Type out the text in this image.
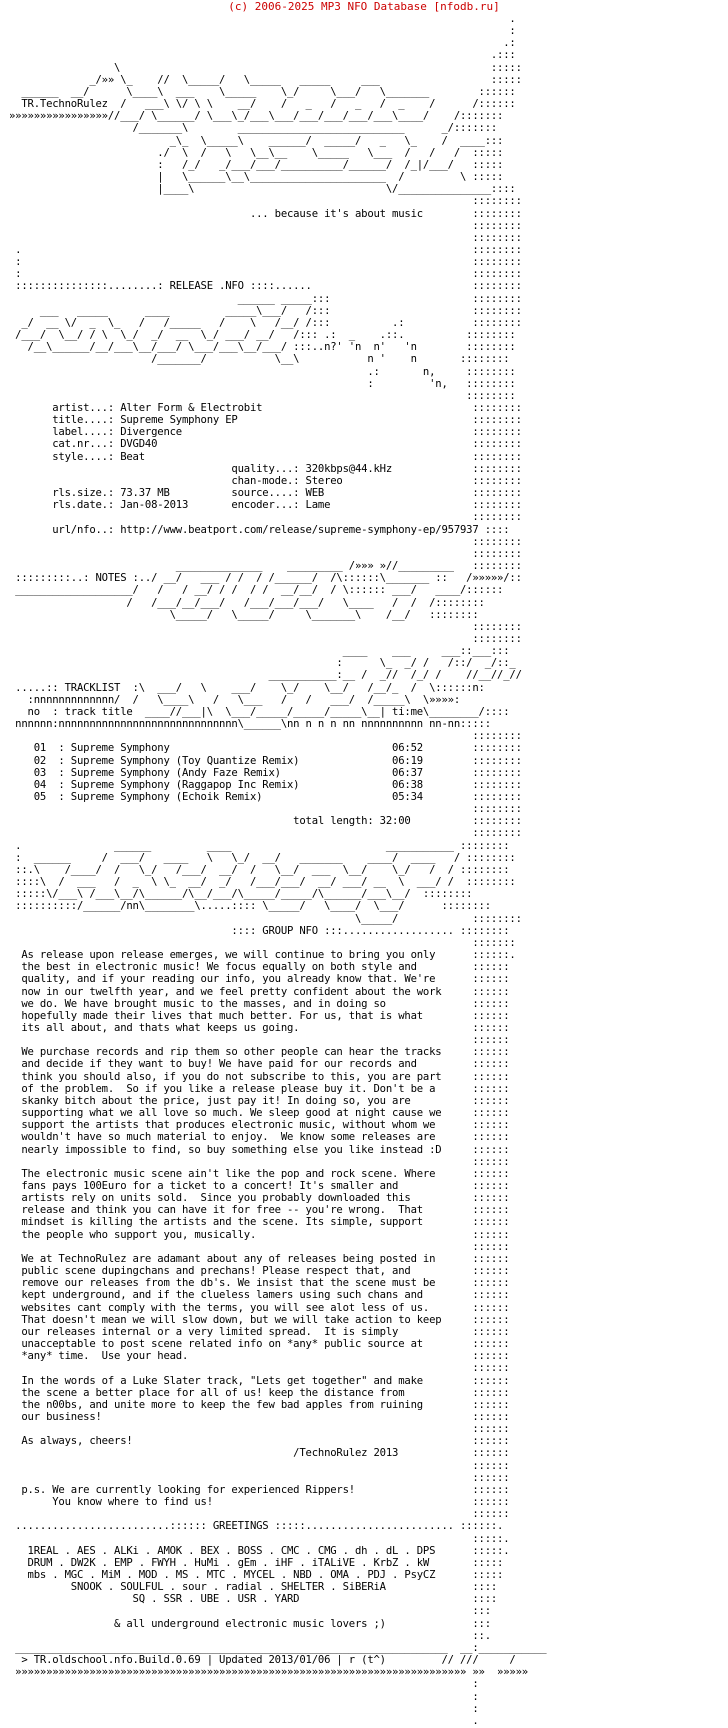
(c) 2006-2025 MP3 NFO Database [nfodb.ru]
.
:
.:
.:::
\                                                            :::::
_/»» \_    //  \_____/   \_____   _____     ___                  :::::
______  __/      \____\  ___    \_____    \_/     \___/   \_______        ::::::
TR.TechnoRulez  /   ___\ \/ \ \    __/    /   _   /   _   /  _    /      /::::::
»»»»»»»»»»»»»»»»//___/ \______/ \___\_/___\___/___/___/___/___\____/    /:::::::
/_______\        ___________________________      _/:::::::
_\_  \_____\    ______/  _____/   _   \_    /  ____:::
./  \  /   \   \__\__    \_____   \___  /   /   /  :::::
:   /_/   _/___/___/__________/______/  /_|/___/   :::::
|   \______\__\______________________  /         \ :::::
|____\                               \/_______________::::
::::::::
... because it's about music        ::::::::
::::::::
::::::::
.                                                                         ::::::::
:                                                                         ::::::::
:                                                                         ::::::::
:::::::::::::::........: RELEASE .NFO ::::......                          ::::::::
______ _____:::                       ::::::::
___   _____      ____         _____\___/   /:::                       ::::::::
_/  __ \/  _  \_   /   /_____   /    \   /__/ /:::          .:           ::::::::
/___/  \__/ / \  \_/  _/  __  \_/ ___/ __/   /::: .:  _    .::.          ::::::::
/__\______/__/___\__/___/ \___/___\__/___/ :::..n?' 'n  n'   'n        ::::::::
/_______/           \__\           n '    n       ::::::::
.:       n,     ::::::::
:         'n,   ::::::::
::::::::
artist...: Alter Form & Electrobit                                  ::::::::
title....: Supreme Symphony EP                                      ::::::::
label....: Divergence                                               ::::::::
cat.nr...: DVGD40                                                   ::::::::
style....: Beat                                                     ::::::::
quality...: 320kbps@44.kHz             ::::::::
chan-mode.: Stereo                     ::::::::
rls.size.: 73.37 MB          source....: WEB                        ::::::::
rls.date.: Jan-08-2013       encoder...: Lame                       ::::::::
::::::::
url/nfo..: http://www.beatport.com/release/supreme-symphony-ep/957937 ::::
::::::::
::::::::
______________    _________ /»»» »//_________   ::::::::
:::::::::..: NOTES :../ __/   ___ / /  / /______/  /\::::::\_______ ::   /»»»»»/::
___________________/   /   / __/ / /  / /  __/__/  / \:::::: ___/   ____/::::::
/   /___/__/___/   /___/___/___/   \____   /  /  /::::::::
\_____/   \_____/     \_______\    /__/   ::::::::
::::::::
::::::::
____    ___     ___::___:::
:      \_  _/ /   /::/  _/::_
___________:__ /  _//  /_/ /    //__//_//
.....:: TRACKLIST  :\  ___/   \    ___/    \_/    \__/   /__/_  /  \::::::n:
:nnnnnnnnnnnnn/  /   \____\   /   \___   /   /   ___/  /_____\  \»»»»:
no  : track title  ____//___|\  \___/_____/_____/_____\__| ti:me\________/::::
nnnnnn:nnnnnnnnnnnnnnnnnnnnnnnnnnnnn\______\nn n n n nn nnnnnnnnnn nn-nn:::::
::::::::
01  : Supreme Symphony                                    06:52        ::::::::
02  : Supreme Symphony (Toy Quantize Remix)               06:19        ::::::::
03  : Supreme Symphony (Andy Faze Remix)                  06:37        ::::::::
04  : Supreme Symphony (Raggapop Inc Remix)               06:38        ::::::::
05  : Supreme Symphony (Echoik Remix)                     05:34        ::::::::
::::::::
total length: 32:00          ::::::::
::::::::
.               ______         ____                         ___________ ::::::::
:  ______     /  ___/   ____   \   \_/  __/   _______    ____/  ____   / ::::::::
::.\    /____/  /   \_/   /___/  __/  /   \__/  ___  \__/    \_/   /  / ::::::::
::::\  /  ___   /  _  \ \_  __/  _/   /___/___/  __/ ___/ __  \  ___/ /  ::::::::
:::::\/___\ /___\__/\______/\__/___/\_____/_____/\______/___\__/  ::::::::
::::::::::/______/nn\________\.....:::: \_____/   \____/  \___/      ::::::::
\_____/            ::::::::
:::: GROUP NFO :::.................. ::::::::
:::::::
As release upon release emerges, we will continue to bring you only      ::::::.
the best in electronic music! We focus equally on both style and         ::::::
quality, and if your reading our info, you already know that. We're      ::::::
now in our twelfth year, and we feel pretty confident about the work     ::::::
we do. We have brought music to the masses, and in doing so              ::::::
hopefully made their lives that much better. For us, that is what        ::::::
its all about, and thats what keeps us going.                            ::::::
::::::
We purchase records and rip them so other people can hear the tracks     ::::::
and decide if they want to buy! We have paid for our records and         ::::::
think you should also, if you do not subscribe to this, you are part     ::::::
of the problem.  So if you like a release please buy it. Don't be a      ::::::
skanky bitch about the price, just pay it! In doing so, you are          ::::::
supporting what we all love so much. We sleep good at night cause we     ::::::
support the artists that produces electronic music, without whom we      ::::::
wouldn't have so much material to enjoy.  We know some releases are      ::::::
nearly impossible to find, so buy something else you like instead :D     ::::::
::::::
The electronic music scene ain't like the pop and rock scene. Where      ::::::
fans pays 100Euro for a ticket to a concert! It's smaller and            ::::::
artists rely on units sold.  Since you probably downloaded this          ::::::
release and think you can have it for free -- you're wrong.  That        ::::::
mindset is killing the artists and the scene. Its simple, support        ::::::
the people who support you, musically.                                   ::::::
::::::
We at TechnoRulez are adamant about any of releases being posted in      ::::::
public scene dupingchans and prechans! Please respect that, and          ::::::
remove our releases from the db's. We insist that the scene must be      ::::::
kept underground, and if the clueless lamers using such chans and        ::::::
websites cant comply with the terms, you will see alot less of us.       ::::::
That doesn't mean we will slow down, but we will take action to keep     ::::::
our releases internal or a very limited spread.  It is simply            ::::::
unacceptable to post scene related info on *any* public source at        ::::::
*any* time.  Use your head.                                              ::::::
::::::
In the words of a Luke Slater track, "Lets get together" and make        ::::::
the scene a better place for all of us! keep the distance from           ::::::
the n00bs, and unite more to keep the few bad apples from ruining        ::::::
our business!                                                            ::::::
::::::
As always, cheers!                                                       ::::::
/TechnoRulez 2013            ::::::
::::::
::::::
p.s. We are currently looking for experienced Rippers!                   ::::::
You know where to find us!                                          ::::::
::::::
.........................:::::: GREETINGS :::::........................ ::::::.
:::::.
1REAL . AES . ALKi . AMOK . BEX . BOSS . CMC . CMG . dh . dL . DPS      :::::.
DRUM . DW2K . EMP . FWYH . HuMi . gEm . iHF . iTALiVE . KrbZ . kW       :::::
mbs . MGC . MiM . MOD . MS . MTC . MYCEL . NBD . OMA . PDJ . PsyCZ      :::::
SNOOK . SOULFUL . sour . radial . SHELTER . SiBERiA              ::::
SQ . SSR . UBE . USR . YARD                            ::::
:::
& all underground electronic music lovers ;)              :::
::.
______________________________________________________________________  __:___________
> TR.oldschool.nfo.Build.0.69 | Updated 2013/01/06 | r (t^)         // ///     /
»»»»»»»»»»»»»»»»»»»»»»»»»»»»»»»»»»»»»»»»»»»»»»»»»»»»»»»»»»»»»»»»»»»»»»»»» »»  »»»»»
:
:
:
.
